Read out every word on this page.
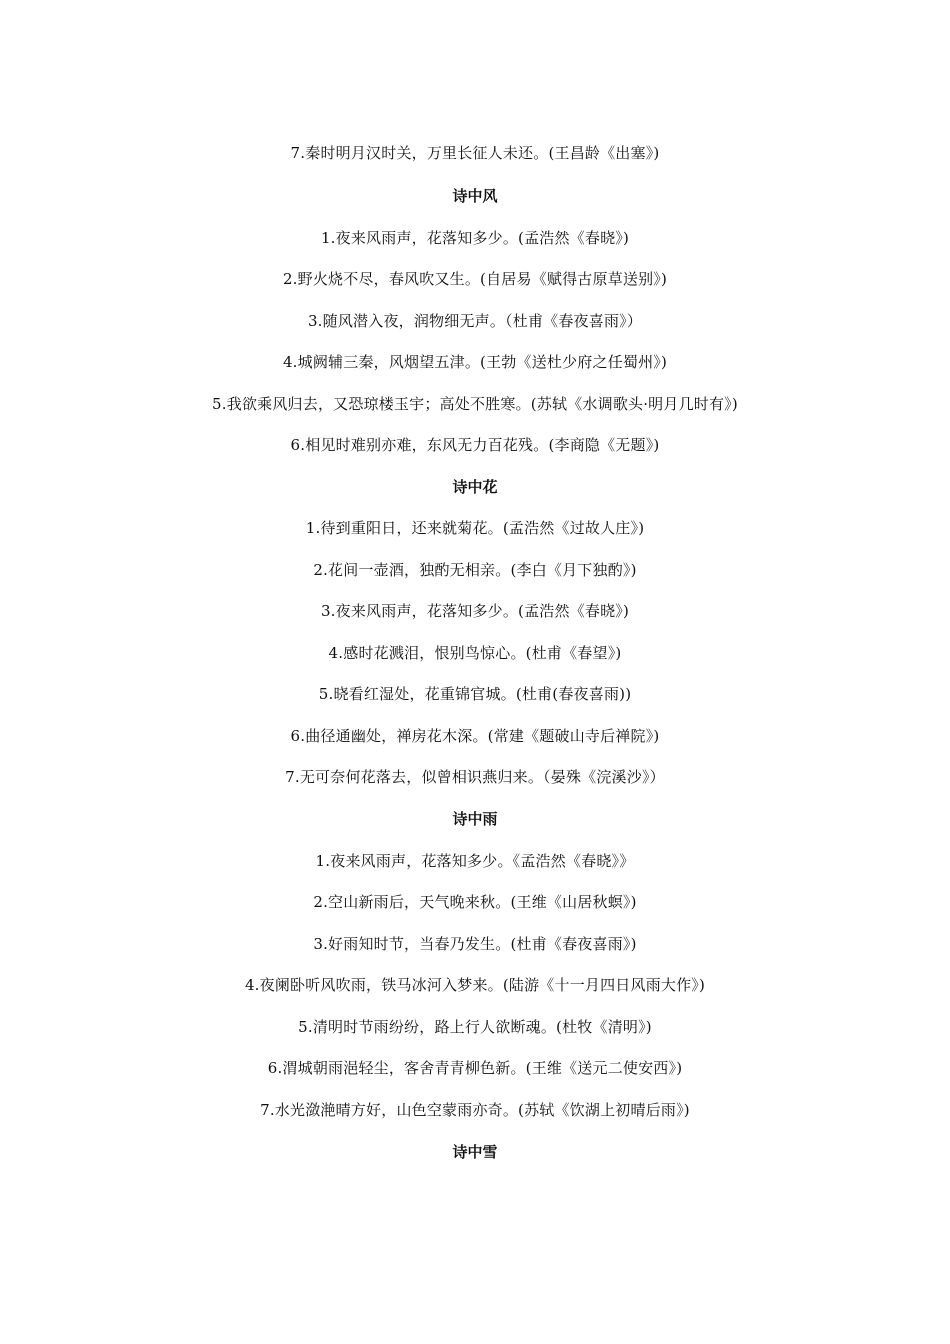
7.秦时明月汉时关，万里长征人未还。(王昌龄《出塞》)
诗中风
1.夜来风雨声，花落知多少。(孟浩然《春晓》)
2.野火烧不尽，春风吹又生。(自居易《赋得古原草送别》)
3.随风潜入夜，润物细无声。（杜甫《春夜喜雨》）
4.城阙辅三秦，风烟望五津。(王勃《送杜少府之任蜀州》)
5.我欲乘风归去，又恐琼楼玉宇；高处不胜寒。(苏轼《水调歌头·明月几时有》)
6.相见时难别亦难，东风无力百花残。(李商隐《无题》)
诗中花
1.待到重阳日，还来就菊花。(孟浩然《过故人庄》)
2.花间一壶酒，独酌无相亲。(李白《月下独酌》)
3.夜来风雨声，花落知多少。(孟浩然《春晓》)
4.感时花溅泪，恨别鸟惊心。(杜甫《春望》)
5.晓看红湿处，花重锦官城。(杜甫(春夜喜雨))
6.曲径通幽处，禅房花木深。(常建《题破山寺后禅院》)
7.无可奈何花落去，似曾相识燕归来。（晏殊《浣溪沙》）
诗中雨
1.夜来风雨声，花落知多少。《孟浩然《春晓》》
2.空山新雨后，天气晚来秋。(王维《山居秋螟》)
3.好雨知时节，当春乃发生。(杜甫《春夜喜雨》)
4.夜阑卧听风吹雨，铁马冰河入梦来。(陆游《十一月四日风雨大作》)
5.清明时节雨纷纷，路上行人欲断魂。(杜牧《清明》)
6.渭城朝雨浥轻尘，客舍青青柳色新。(王维《送元二使安西》)
7.水光潋滟晴方好，山色空蒙雨亦奇。(苏轼《饮湖上初晴后雨》)
诗中雪
